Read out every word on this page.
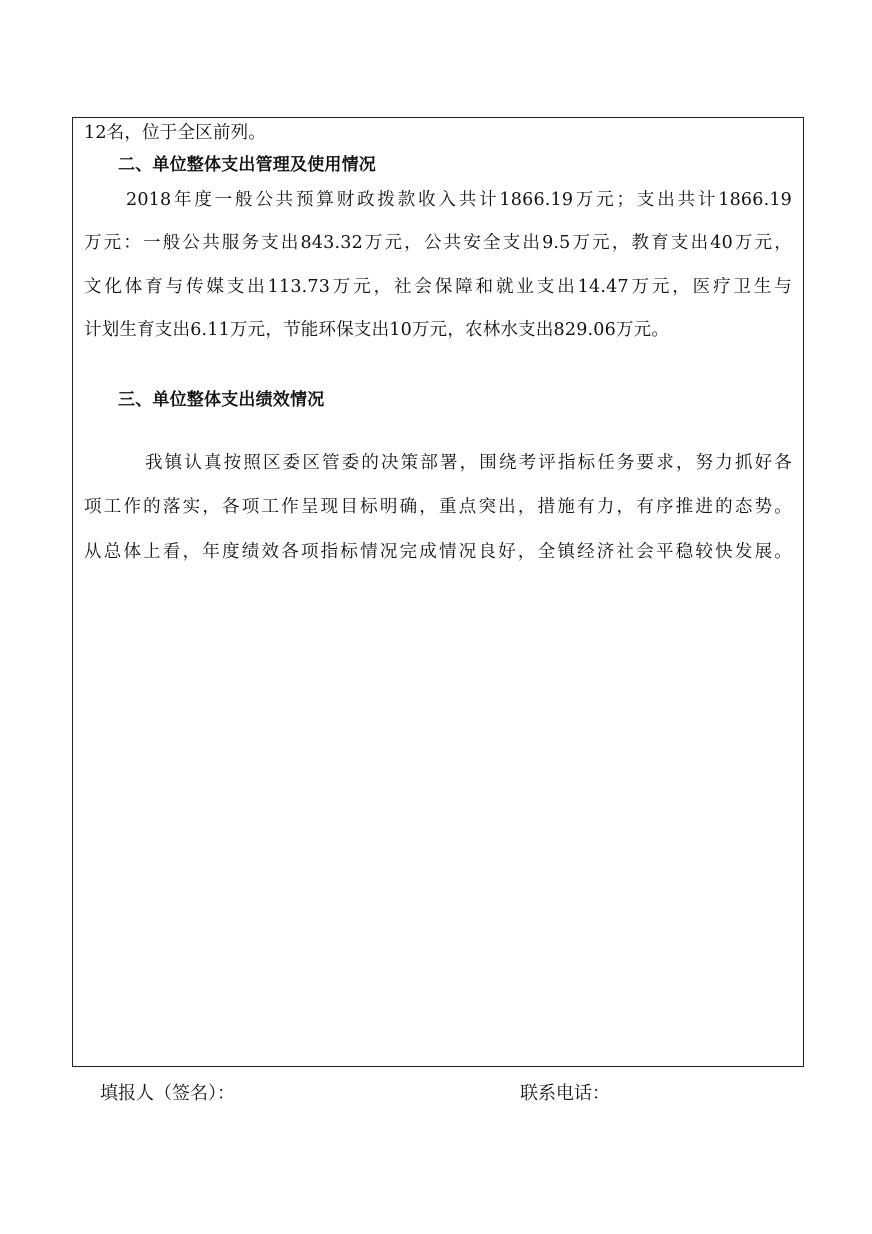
12名，位于全区前列。
二、单位整体支出管理及使用情况
2018年度一般公共预算财政拨款收入共计1866.19万元；支出共计1866.19
万元：一般公共服务支出843.32万元，公共安全支出9.5万元，教育支出40万元，
文化体育与传媒支出113.73万元，社会保障和就业支出14.47万元，医疗卫生与
计划生育支出6.11万元，节能环保支出10万元，农林水支出829.06万元。
三、单位整体支出绩效情况
我镇认真按照区委区管委的决策部署，围绕考评指标任务要求，努力抓好各
项工作的落实，各项工作呈现目标明确，重点突出，措施有力，有序推进的态势。
从总体上看，年度绩效各项指标情况完成情况良好，全镇经济社会平稳较快发展。
填报人（签名）：	联系电话：
